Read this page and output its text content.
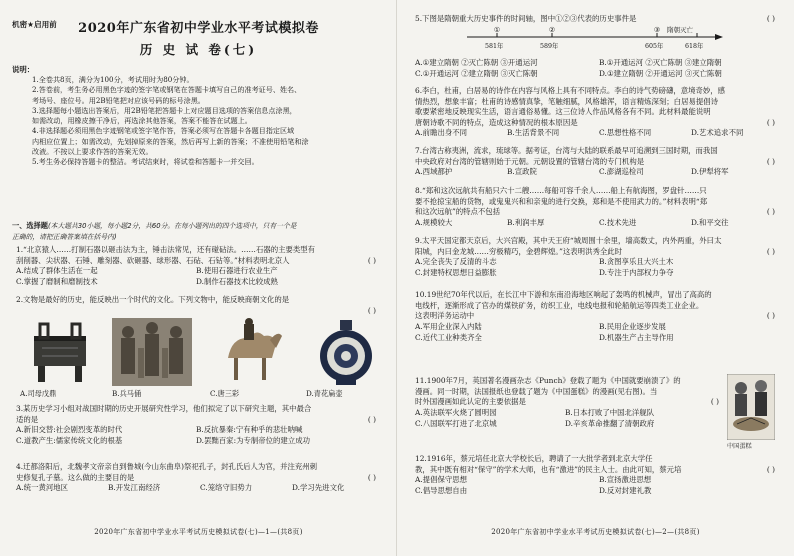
机密★启用前	2020年广东省初中学业水平考试模拟卷
历 史 试 卷(七)
说明：

1.全卷共8页，满分为100分，考试用时为80分钟。

2.答卷前，考生务必用黑色字迹的签字笔或钢笔在答题卡填写自己的准考证号、姓名、

考场号、座位号。用2B铅笔把对应该号码的标号涂黑。

3.选择题每小题选出答案后，用2B铅笔把答题卡上对应题目选项的答案信息点涂黑，

如需改动，用橡皮擦干净后，再选涂其他答案，答案不能答在试题上。

4.非选择题必须用黑色字迹钢笔或签字笔作答，答案必须写在答题卡各题目指定区域

内相应位置上；如需改动，先划掉原来的答案，然后再写上新的答案；不准使用铅笔和涂

改液。不按以上要求作答的答案无效。

5.考生务必保持答题卡的整洁。考试结束时，将试卷和答题卡一并交回。

一、选择题(本大题共30小题，每小题2分，共60分。在每小题列出的四个选项中，只有一个是
正确的，请把正确答案填在括号内)

1.“北京猿人……打制石器以砸击法为主，锤击法常见，还有碰砧法。……石器的主要类型有

刮削器、尖状器、石锤、雕刻器、砍砸器、球形器、石砧、石钻等。”材料表明北京人	( )

A.结成了群体生活在一起	B.使用石器进行农业生产
C.掌握了磨制和磨制技术	D.制作石器技术比较成熟

2.文物是最好的历史，能反映出一个时代的文化。下列文物中，能反映商朝文化的是

( )

A.司母戊鼎	B.兵马俑	C.唐三彩	D.青花扁壶

3.某历史学习小组对战国时期的历史开展研究性学习，他们拟定了以下研究主题，其中最合

适的是	( )

A.新旧交替:社会剧烈变革的时代	B.反抗暴秦:宁有种乎的悲壮呐喊
C.道教产生:儒家传统文化的根基	D.罢黜百家:为专制帝位的建立成功

4.迁都洛阳后，北魏孝文帝亲自到鲁城(今山东曲阜)祭祀孔子，封孔氏后人为官，并注兖州刺

史修复孔子墓。这么做的主要目的是	( )

A.统一黄河地区	B.开发江南经济	C.笼络守旧势力	D.学习先进文化
2020年广东省初中学业水平考试历史模拟试卷(七)—1—(共8页)

5.下图是隋朝重大历史事件的时间轴，图中①②③代表的历史事件是	( )

①	②	③ 隋朝灭亡
581年	589年	605年	618年
A.①建立隋朝 ②灭亡陈朝 ③开通运河	B.①开通运河 ②灭亡陈朝 ③建立隋朝
C.①开通运河 ②建立隋朝 ③灭亡陈朝	D.①建立隋朝 ②开通运河 ③灭亡陈朝

6.李白，杜甫，白居易的诗作在内容与风格上具有不同特点。李白的诗气势磅礴，意境奇妙，感

情热烈，想象丰富；杜甫的诗感情真挚，笔触细腻，风格雄浑，语言精炼深刻；白居易提倡诗

歌要紧密地反映现实生活，语言通俗易懂。这三位诗人作品风格各有不同。此材料最能说明

唐朝诗歌不同的特点，造成这种情况的根本原因是	( )

A.前瞻出身不同	B.生活背景不同	C.思想性格不同	D.艺术追求不同

7.台湾古称夷洲，流求，琉球等。据考证，台湾与大陆的联系最早可追溯到三国时期，而我国

中央政府对台湾的管辖则始于元朝。元朝设置的管辖台湾的专门机构是	( )

A.西域都护	B.宣政院	C.澎湖巡检司	D.伊犁将军

8.“郑和这次远航共有船只六十二艘……每船可容千余人……船上有航海图，罗盘针……只

要不抢掠宝船的货物，或鬼鬼兴和和亲鬼的进行交换，郑和是不使用武力的。”材料表明“郑

和这次远航”的特点不包括	( )

A.规模较大	B.利润丰厚	C.技术先进	D.和平交往

9.太平天国定都天京后，大兴宫殿，其中天王府“城周围十余里，墙高数丈，内外两重，外曰太

阳城，内曰金龙城……穷极精巧，金碧辉煌。”这表明洪秀全此时	( )

A.完全丧失了反清的斗志	B.贪图享乐且大兴土木
C.封建特权思想日益膨胀	D.专注于内部权力争夺

10.19世纪70年代以后，在长江中下游和东南沿海地区响起了轰鸣的机械声，冒出了高高的

电线杆，逐渐形成了官办的煤铁矿务，纺织工业，电线电报和轮船航运等四类工业企业。

这表明洋务运动中	( )

A.军用企业深入内陆	B.民用企业逐步发展
C.近代工业种类齐全	D.机器生产占主导作用

11.1900年7月，英国著名漫画杂志《Punch》登载了题为《中国就要崩溃了》的

漫画。同一时期，法国报纸也登载了题为《中国蛋糕》的漫画(见右图)。当

时外国漫画如此认定的主要依据是	( )

A.英法联军火烧了圆明园	B.日本打败了中国北洋舰队
C.八国联军打进了北京城	D.辛亥革命推翻了清朝政府
中国蛋糕

12.1916年，蔡元培任北京大学校长后，聘请了一大批学者到北京大学任

教，其中既有相对“保守”的学术大师，也有“激进”的民主人士。由此可知，蔡元培	( )

A.提倡保守思想	B.宣扬激进思想
C.倡导思想自由	D.反对封建礼教
2020年广东省初中学业水平考试历史模拟试卷(七)—2—(共8页)
